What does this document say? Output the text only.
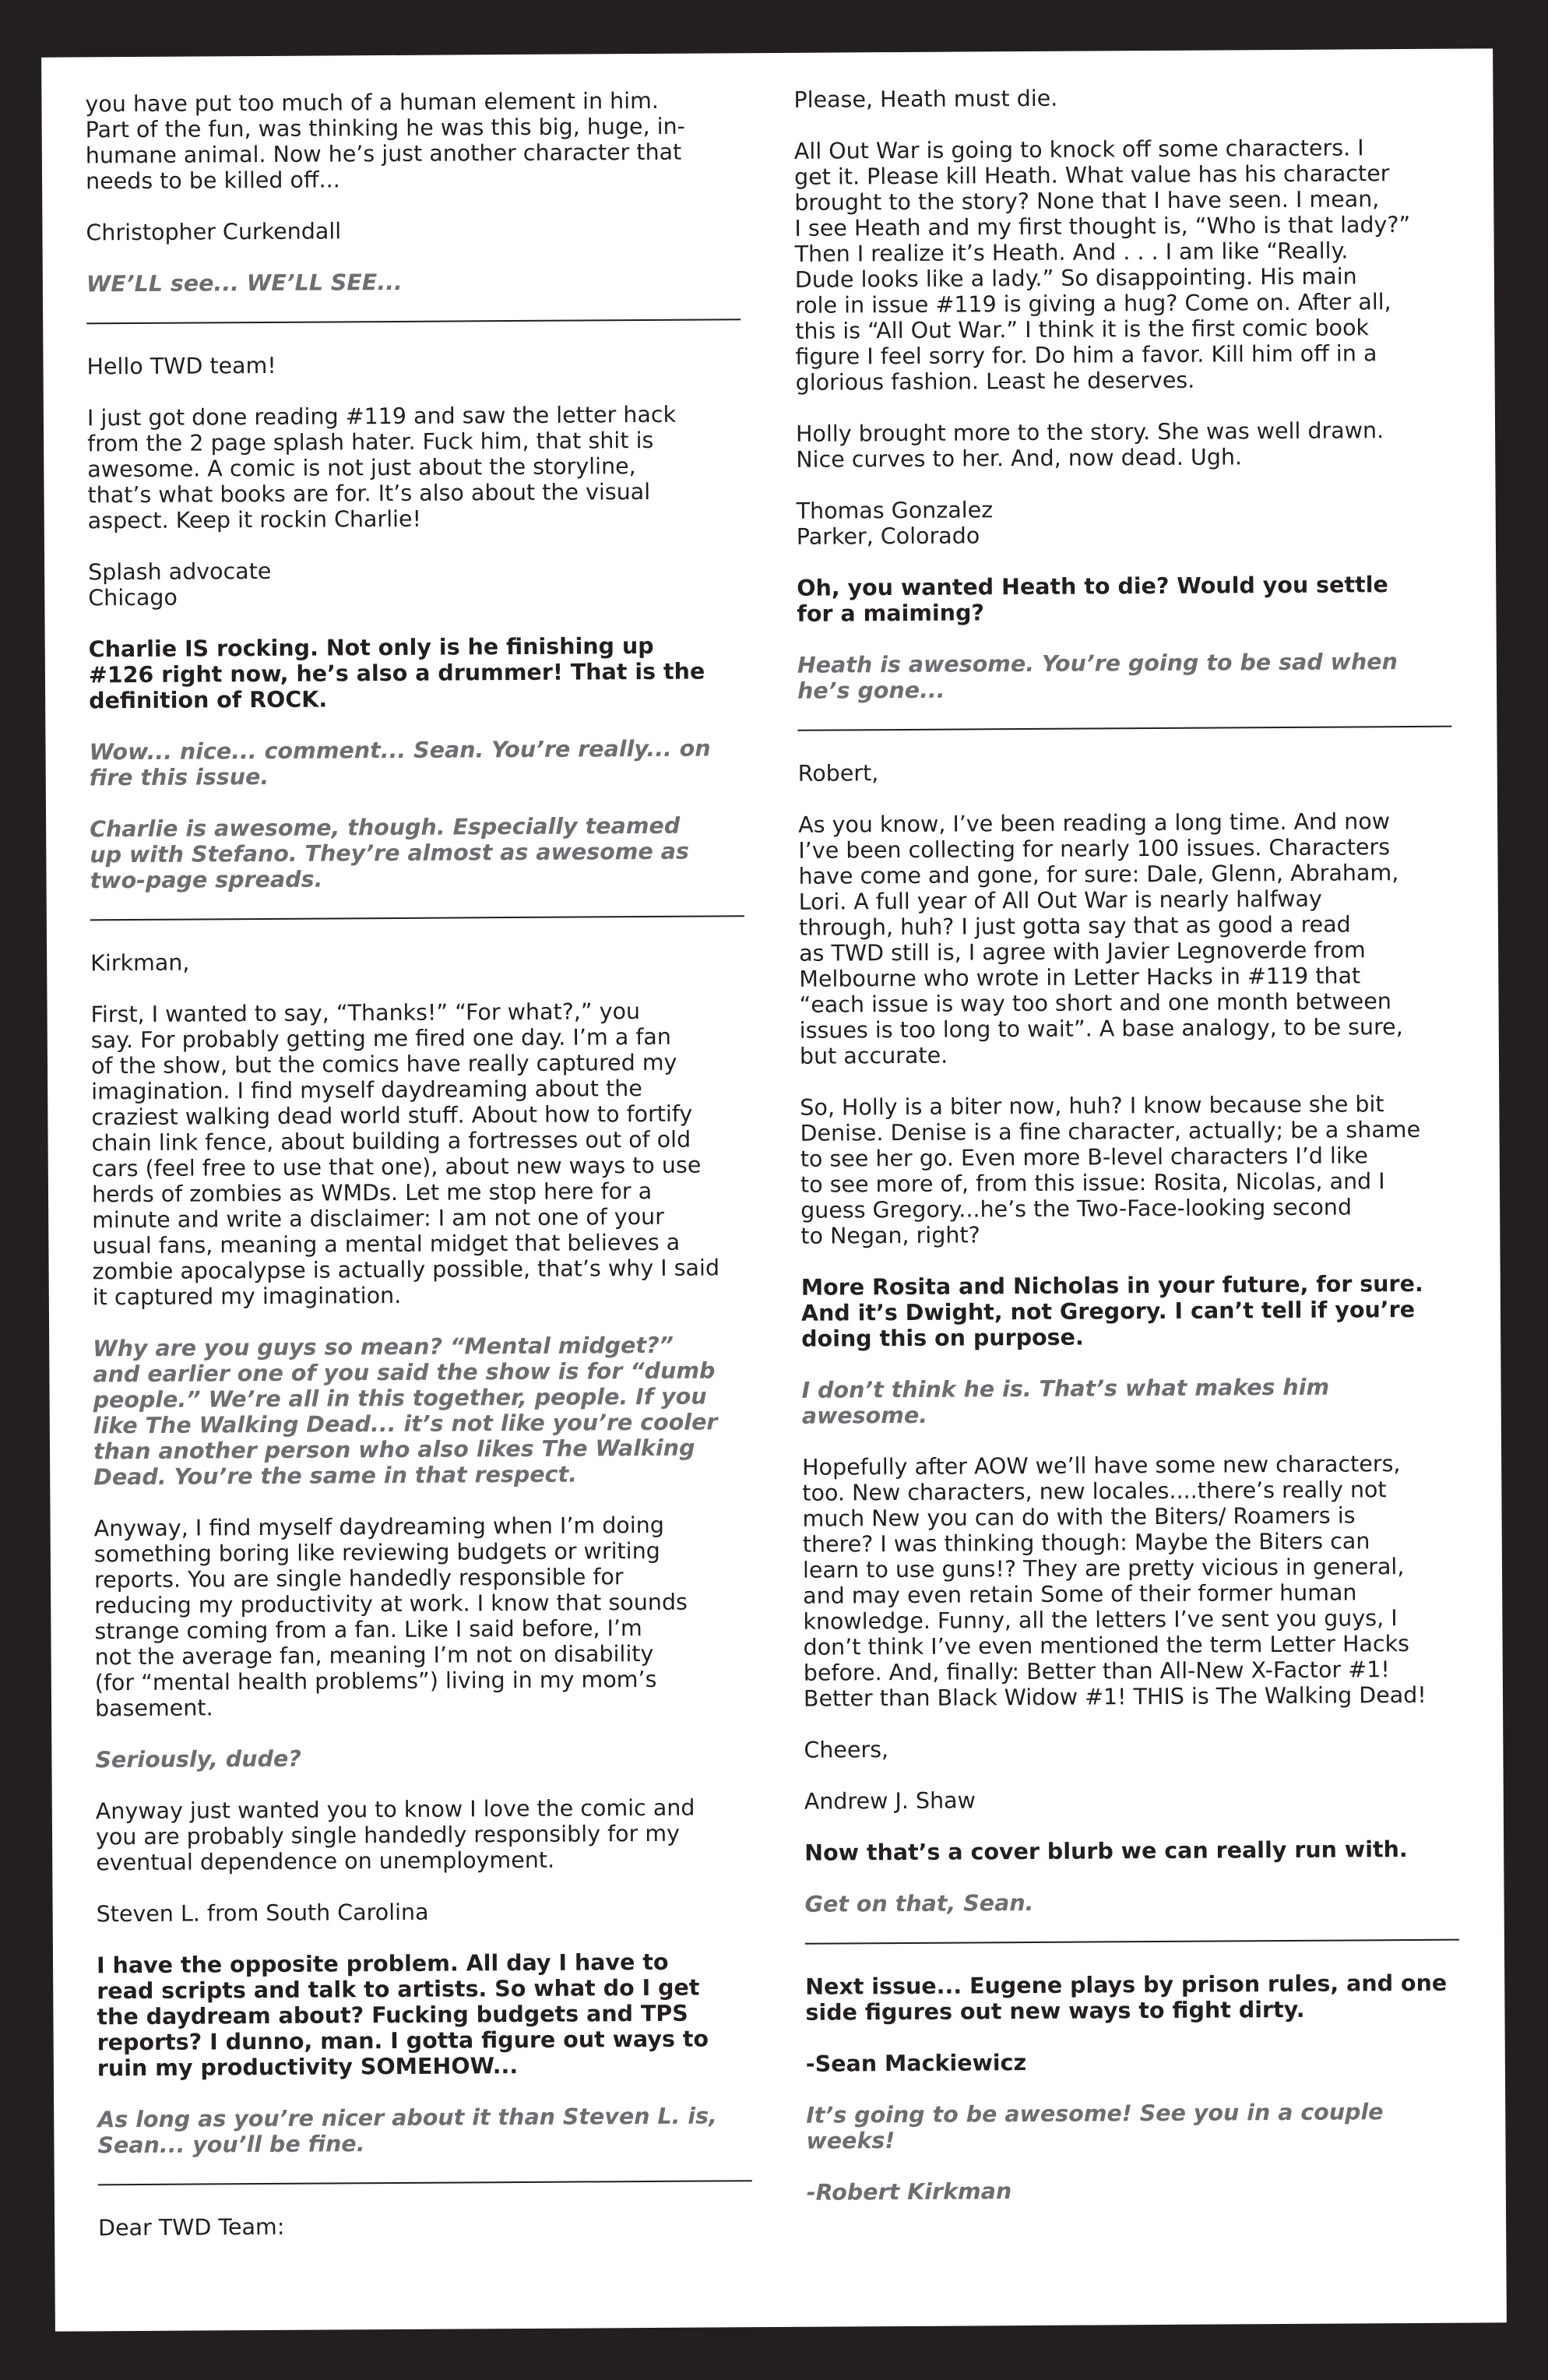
you have put too much of a human element in him.
Part of the fun, was thinking he was this big, huge, in-
humane animal. Now he’s just another character that
needs to be killed off...
Christopher Curkendall
WE’LL see... WE’LL SEE...
Hello TWD team!
I just got done reading #119 and saw the letter hack
from the 2 page splash hater. Fuck him, that shit is
awesome. A comic is not just about the storyline,
that’s what books are for. It’s also about the visual
aspect. Keep it rockin Charlie!
Splash advocate
Chicago
Charlie IS rocking. Not only is he finishing up
#126 right now, he’s also a drummer! That is the
definition of ROCK.
Wow... nice... comment... Sean. You’re really... on
fire this issue.
Charlie is awesome, though. Especially teamed
up with Stefano. They’re almost as awesome as
two-page spreads.
Kirkman,
First, I wanted to say, “Thanks!” “For what?,” you
say. For probably getting me fired one day. I’m a fan
of the show, but the comics have really captured my
imagination. I find myself daydreaming about the
craziest walking dead world stuff. About how to fortify
chain link fence, about building a fortresses out of old
cars (feel free to use that one), about new ways to use
herds of zombies as WMDs. Let me stop here for a
minute and write a disclaimer: I am not one of your
usual fans, meaning a mental midget that believes a
zombie apocalypse is actually possible, that’s why I said
it captured my imagination.
Why are you guys so mean? “Mental midget?”
and earlier one of you said the show is for “dumb
people.” We’re all in this together, people. If you
like The Walking Dead... it’s not like you’re cooler
than another person who also likes The Walking
Dead. You’re the same in that respect.
Anyway, I find myself daydreaming when I’m doing
something boring like reviewing budgets or writing
reports. You are single handedly responsible for
reducing my productivity at work. I know that sounds
strange coming from a fan. Like I said before, I’m
not the average fan, meaning I’m not on disability
(for “mental health problems”) living in my mom’s
basement.
Seriously, dude?
Anyway just wanted you to know I love the comic and
you are probably single handedly responsibly for my
eventual dependence on unemployment.
Steven L. from South Carolina
I have the opposite problem. All day I have to
read scripts and talk to artists. So what do I get
the daydream about? Fucking budgets and TPS
reports? I dunno, man. I gotta figure out ways to
ruin my productivity SOMEHOW...
As long as you’re nicer about it than Steven L. is,
Sean... you’ll be fine.
Dear TWD Team:
Please, Heath must die.
All Out War is going to knock off some characters. I
get it. Please kill Heath. What value has his character
brought to the story? None that I have seen. I mean,
I see Heath and my first thought is, “Who is that lady?”
Then I realize it’s Heath. And . . . I am like “Really.
Dude looks like a lady.” So disappointing. His main
role in issue #119 is giving a hug? Come on. After all,
this is “All Out War.” I think it is the first comic book
figure I feel sorry for. Do him a favor. Kill him off in a
glorious fashion. Least he deserves.
Holly brought more to the story. She was well drawn.
Nice curves to her. And, now dead. Ugh.
Thomas Gonzalez
Parker, Colorado
Oh, you wanted Heath to die? Would you settle
for a maiming?
Heath is awesome. You’re going to be sad when
he’s gone...
Robert,
As you know, I’ve been reading a long time. And now
I’ve been collecting for nearly 100 issues. Characters
have come and gone, for sure: Dale, Glenn, Abraham,
Lori. A full year of All Out War is nearly halfway
through, huh? I just gotta say that as good a read
as TWD still is, I agree with Javier Legnoverde from
Melbourne who wrote in Letter Hacks in #119 that
“each issue is way too short and one month between
issues is too long to wait”. A base analogy, to be sure,
but accurate.
So, Holly is a biter now, huh? I know because she bit
Denise. Denise is a fine character, actually; be a shame
to see her go. Even more B-level characters I’d like
to see more of, from this issue: Rosita, Nicolas, and I
guess Gregory...he’s the Two-Face-looking second
to Negan, right?
More Rosita and Nicholas in your future, for sure.
And it’s Dwight, not Gregory. I can’t tell if you’re
doing this on purpose.
I don’t think he is. That’s what makes him
awesome.
Hopefully after AOW we’ll have some new characters,
too. New characters, new locales....there’s really not
much New you can do with the Biters/ Roamers is
there? I was thinking though: Maybe the Biters can
learn to use guns!? They are pretty vicious in general,
and may even retain Some of their former human
knowledge. Funny, all the letters I’ve sent you guys, I
don’t think I’ve even mentioned the term Letter Hacks
before. And, finally: Better than All-New X-Factor #1!
Better than Black Widow #1! THIS is The Walking Dead!
Cheers,
Andrew J. Shaw
Now that’s a cover blurb we can really run with.
Get on that, Sean.
Next issue... Eugene plays by prison rules, and one
side figures out new ways to fight dirty.
-Sean Mackiewicz
It’s going to be awesome! See you in a couple
weeks!
-Robert Kirkman
